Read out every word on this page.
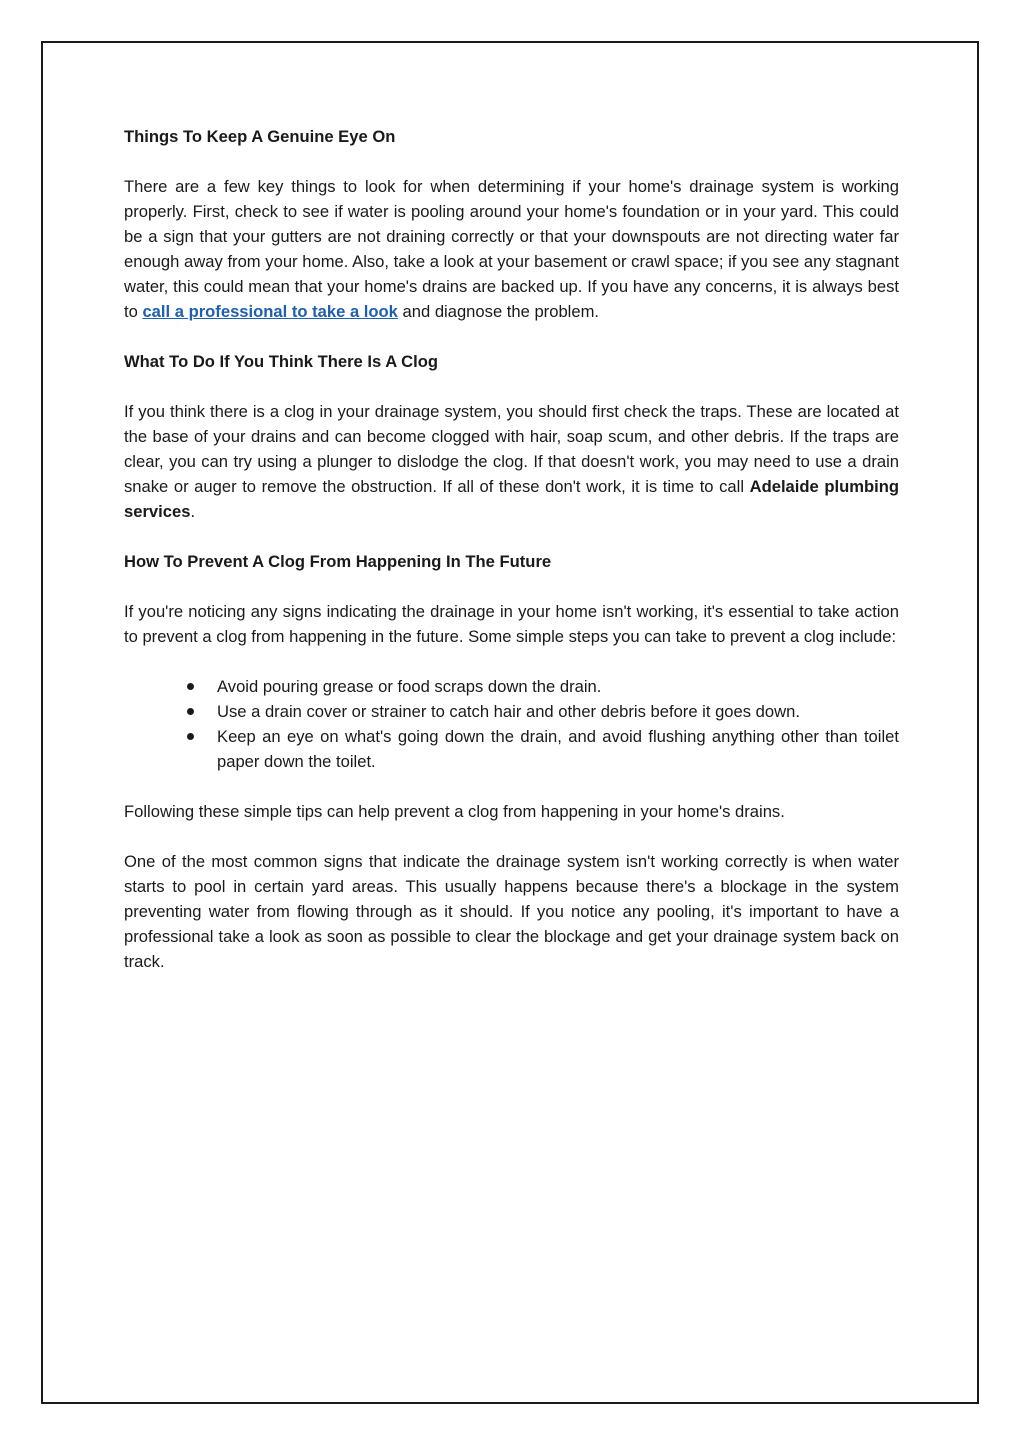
Things To Keep A Genuine Eye On
There are a few key things to look for when determining if your home's drainage system is working properly. First, check to see if water is pooling around your home's foundation or in your yard. This could be a sign that your gutters are not draining correctly or that your downspouts are not directing water far enough away from your home. Also, take a look at your basement or crawl space; if you see any stagnant water, this could mean that your home's drains are backed up. If you have any concerns, it is always best to call a professional to take a look and diagnose the problem.
What To Do If You Think There Is A Clog
If you think there is a clog in your drainage system, you should first check the traps. These are located at the base of your drains and can become clogged with hair, soap scum, and other debris. If the traps are clear, you can try using a plunger to dislodge the clog. If that doesn't work, you may need to use a drain snake or auger to remove the obstruction. If all of these don't work, it is time to call Adelaide plumbing services.
How To Prevent A Clog From Happening In The Future
If you're noticing any signs indicating the drainage in your home isn't working, it's essential to take action to prevent a clog from happening in the future. Some simple steps you can take to prevent a clog include:
Avoid pouring grease or food scraps down the drain.
Use a drain cover or strainer to catch hair and other debris before it goes down.
Keep an eye on what's going down the drain, and avoid flushing anything other than toilet paper down the toilet.
Following these simple tips can help prevent a clog from happening in your home's drains.
One of the most common signs that indicate the drainage system isn't working correctly is when water starts to pool in certain yard areas. This usually happens because there's a blockage in the system preventing water from flowing through as it should. If you notice any pooling, it's important to have a professional take a look as soon as possible to clear the blockage and get your drainage system back on track.
